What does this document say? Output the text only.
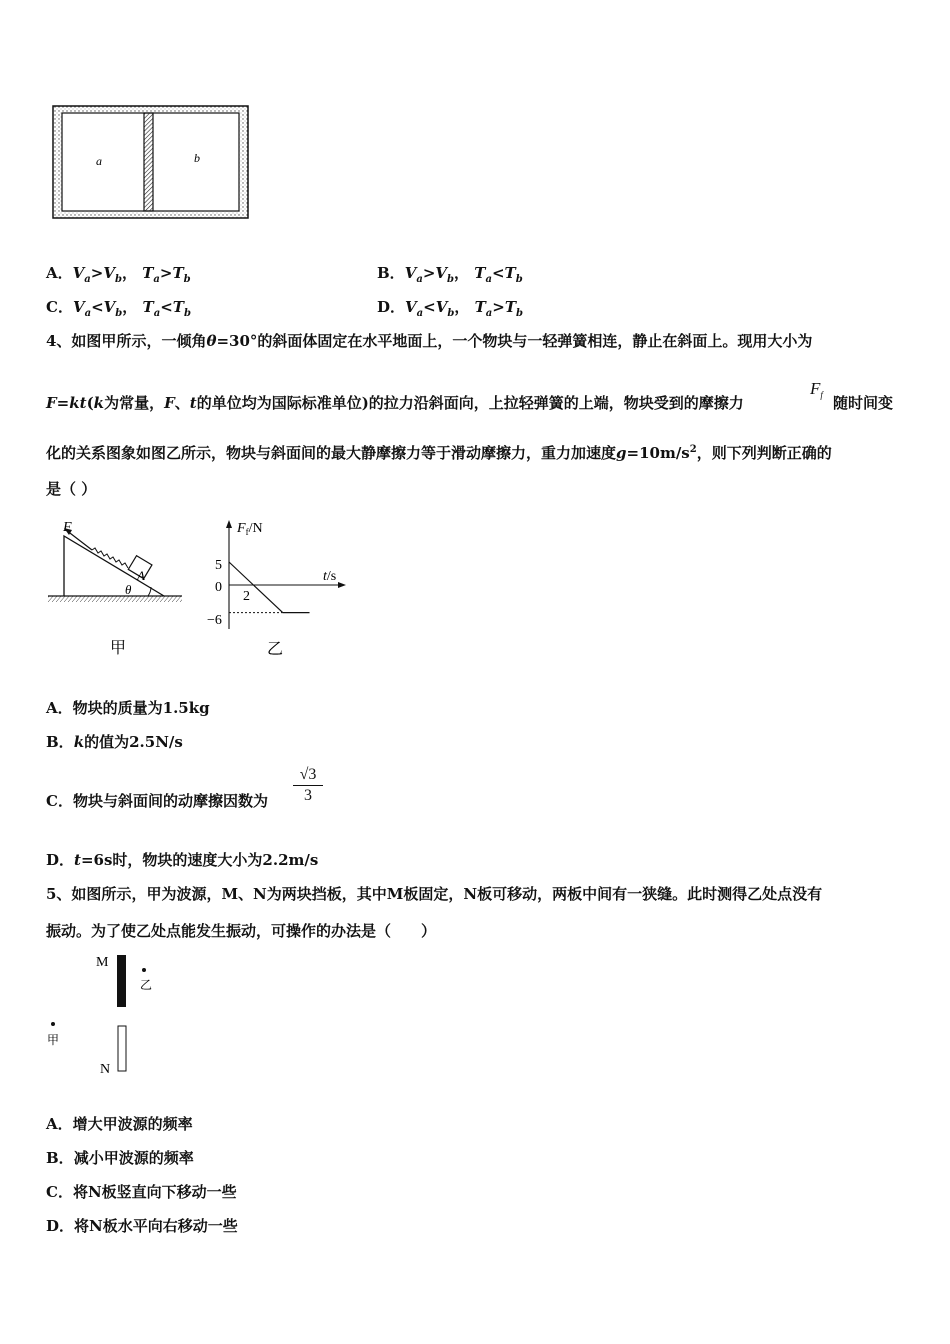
a	b
A．$V_a>V_b$， $T_a>T_b$	B．$V_a>V_b$， $T_a<T_b$
C．$V_a<V_b$， $T_a<T_b$	D．$V_a<V_b$， $T_a>T_b$
4、如图甲所示，一倾角θ=30°的斜面体固定在水平地面上，一个物块与一轻弹簧相连，静止在斜面上。现用大小为
F=kt(k为常量，F、t的单位均为国际标准单位)的拉力沿斜面向，上拉轻弹簧的上端，物块受到的摩擦力
$F_f$ 随时间变
化的关系图象如图乙所示，物块与斜面间的最大静摩擦力等于滑动摩擦力，重力加速度$g=10m/s^2$，则下列判断正确的
是（ ）
F
A
θ
甲
$F_f/N$
t/s
5
0
−6
2
乙
A．物块的质量为1.5kg
B．k的值为2.5N/s
C．物块与斜面间的动摩擦因数为 $\frac{√3}{3}$
D．t=6s时，物块的速度大小为2.2m/s
5、如图所示，甲为波源，M、N为两块挡板，其中M板固定，N板可移动，两板中间有一狭缝。此时测得乙处点没有
振动。为了使乙处点能发生振动，可操作的办法是（　　）
M
乙
N
甲
A．增大甲波源的频率
B．减小甲波源的频率
C．将N板竖直向下移动一些
D．将N板水平向右移动一些
